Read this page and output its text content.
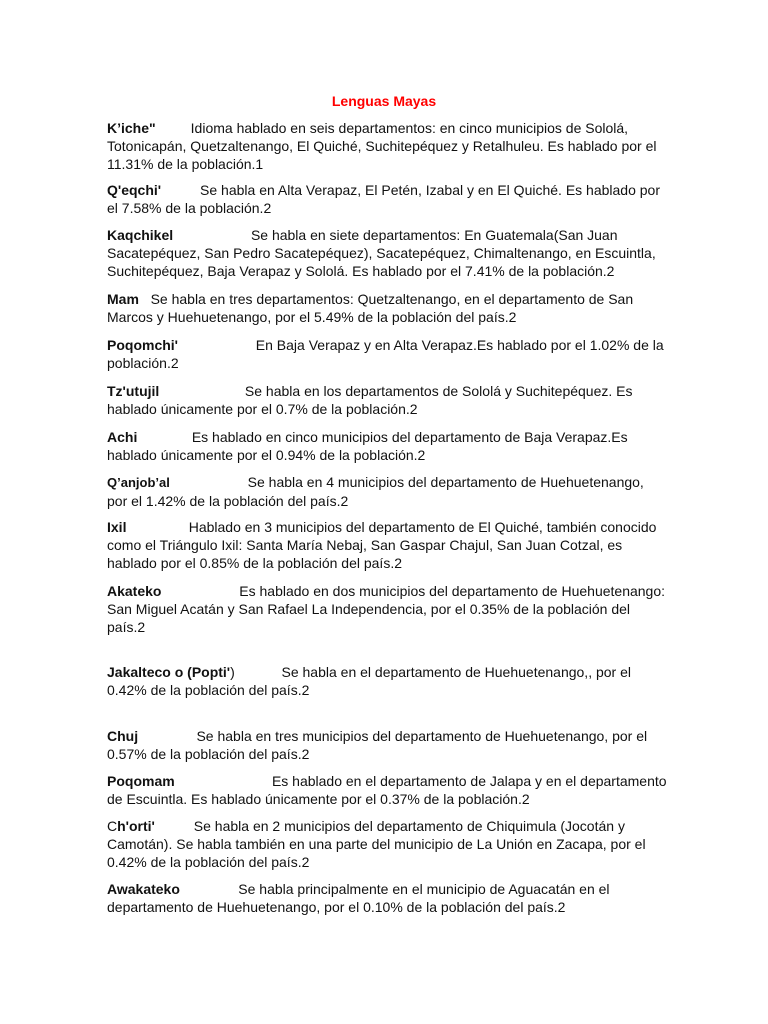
Lenguas Mayas
K’iche"	Idioma hablado en seis departamentos: en cinco municipios de Sololá, Totonicapán, Quetzaltenango, El Quiché, Suchitepéquez y Retalhuleu. Es hablado por el 11.31% de la población.1
Q'eqchi'	Se habla en Alta Verapaz, El Petén, Izabal y en El Quiché. Es hablado por el 7.58% de la población.2
Kaqchikel	Se habla en siete departamentos: En Guatemala(San Juan Sacatepéquez, San Pedro Sacatepéquez), Sacatepéquez, Chimaltenango, en Escuintla, Suchitepéquez, Baja Verapaz y Sololá. Es hablado por el 7.41% de la población.2
Mam Se habla en tres departamentos: Quetzaltenango, en el departamento de San Marcos y Huehuetenango, por el 5.49% de la población del país.2
Poqomchi'	En Baja Verapaz y en Alta Verapaz.Es hablado por el 1.02% de la población.2
Tz'utujil	Se habla en los departamentos de Sololá y Suchitepéquez. Es hablado únicamente por el 0.7% de la población.2
Achi	Es hablado en cinco municipios del departamento de Baja Verapaz.Es hablado únicamente por el 0.94% de la población.2
Q’anjob’al	Se habla en 4 municipios del departamento de Huehuetenango, por el 1.42% de la población del país.2
Ixil	Hablado en 3 municipios del departamento de El Quiché, también conocido como el Triángulo Ixil: Santa María Nebaj, San Gaspar Chajul, San Juan Cotzal, es hablado por el 0.85% de la población del país.2
Akateko	Es hablado en dos municipios del departamento de Huehuetenango: San Miguel Acatán y San Rafael La Independencia, por el 0.35% de la población del país.2
Jakalteco o (Popti')	Se habla en el departamento de Huehuetenango,, por el 0.42% de la población del país.2
Chuj	Se habla en tres municipios del departamento de Huehuetenango, por el 0.57% de la población del país.2
Poqomam	Es hablado en el departamento de Jalapa y en el departamento de Escuintla. Es hablado únicamente por el 0.37% de la población.2
Ch'orti'	Se habla en 2 municipios del departamento de Chiquimula (Jocotán y Camotán). Se habla también en una parte del municipio de La Unión en Zacapa, por el 0.42% de la población del país.2
Awakateko	Se habla principalmente en el municipio de Aguacatán en el departamento de Huehuetenango, por el 0.10% de la población del país.2
